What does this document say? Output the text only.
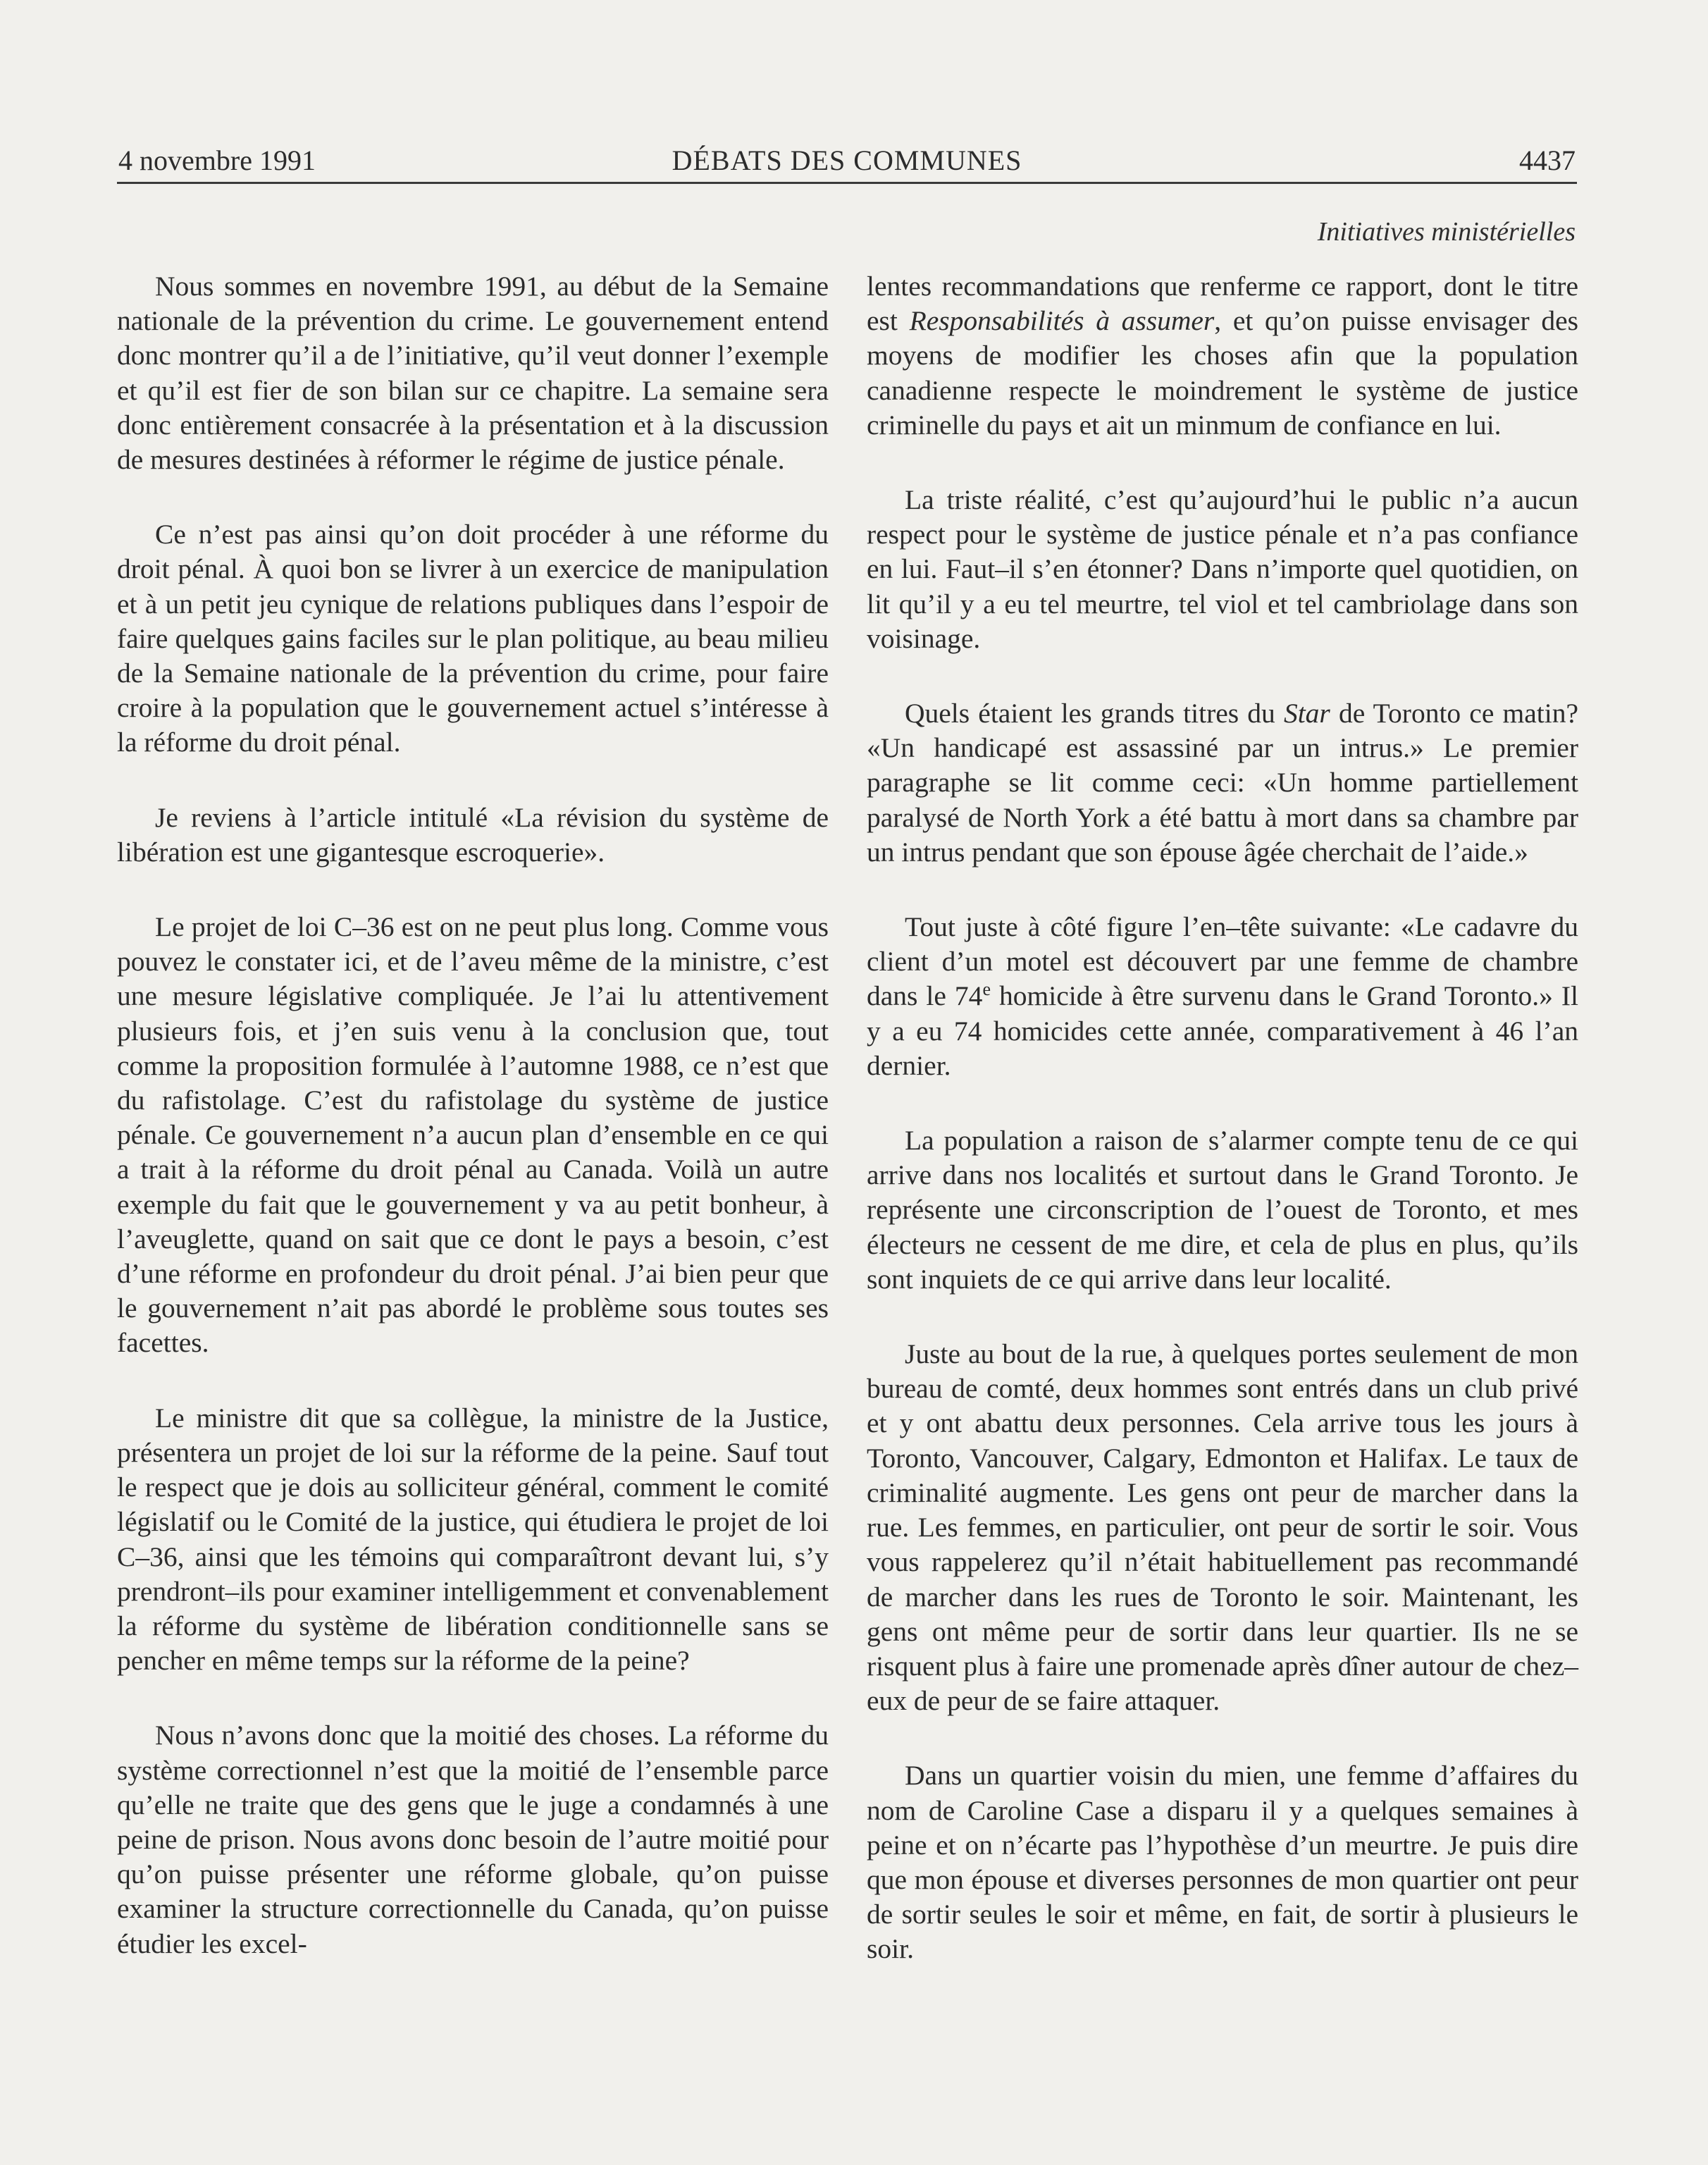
4 novembre 1991	DÉBATS DES COMMUNES	4437
Initiatives ministérielles

Nous sommes en novembre 1991, au début de la Semaine nationale de la prévention du crime. Le gouvernement entend donc montrer qu’il a de l’initiative, qu’il veut donner l’exemple et qu’il est fier de son bilan sur ce chapitre. La semaine sera donc entièrement consacrée à la présentation et à la discussion de mesures destinées à réformer le régime de justice pénale.

Ce n’est pas ainsi qu’on doit procéder à une réforme du droit pénal. À quoi bon se livrer à un exercice de manipulation et à un petit jeu cynique de relations publiques dans l’espoir de faire quelques gains faciles sur le plan politique, au beau milieu de la Semaine nationale de la prévention du crime, pour faire croire à la population que le gouvernement actuel s’intéresse à la réforme du droit pénal.

Je reviens à l’article intitulé «La révision du système de libération est une gigantesque escroquerie».

Le projet de loi C–36 est on ne peut plus long. Comme vous pouvez le constater ici, et de l’aveu même de la ministre, c’est une mesure législative compliquée. Je l’ai lu attentivement plusieurs fois, et j’en suis venu à la conclusion que, tout comme la proposition formulée à l’automne 1988, ce n’est que du rafistolage. C’est du rafistolage du système de justice pénale. Ce gouvernement n’a aucun plan d’ensemble en ce qui a trait à la réforme du droit pénal au Canada. Voilà un autre exemple du fait que le gouvernement y va au petit bonheur, à l’aveuglette, quand on sait que ce dont le pays a besoin, c’est d’une réforme en profondeur du droit pénal. J’ai bien peur que le gouvernement n’ait pas abordé le problème sous toutes ses facettes.

Le ministre dit que sa collègue, la ministre de la Justice, présentera un projet de loi sur la réforme de la peine. Sauf tout le respect que je dois au solliciteur général, comment le comité législatif ou le Comité de la justice, qui étudiera le projet de loi C–36, ainsi que les témoins qui comparaîtront devant lui, s’y prendront–ils pour examiner intelligemment et convenablement la réforme du système de libération conditionnelle sans se pencher en même temps sur la réforme de la peine?

Nous n’avons donc que la moitié des choses. La réforme du système correctionnel n’est que la moitié de l’ensemble parce qu’elle ne traite que des gens que le juge a condamnés à une peine de prison. Nous avons donc besoin de l’autre moitié pour qu’on puisse présenter une réforme globale, qu’on puisse examiner la structure correctionnelle du Canada, qu’on puisse étudier les excel-

lentes recommandations que renferme ce rapport, dont le titre est Responsabilités à assumer, et qu’on puisse envisager des moyens de modifier les choses afin que la population canadienne respecte le moindrement le système de justice criminelle du pays et ait un minmum de confiance en lui.

La triste réalité, c’est qu’aujourd’hui le public n’a aucun respect pour le système de justice pénale et n’a pas confiance en lui. Faut–il s’en étonner? Dans n’importe quel quotidien, on lit qu’il y a eu tel meurtre, tel viol et tel cambriolage dans son voisinage.

Quels étaient les grands titres du Star de Toronto ce matin? «Un handicapé est assassiné par un intrus.» Le premier paragraphe se lit comme ceci: «Un homme partiellement paralysé de North York a été battu à mort dans sa chambre par un intrus pendant que son épouse âgée cherchait de l’aide.»

Tout juste à côté figure l’en–tête suivante: «Le cadavre du client d’un motel est découvert par une femme de chambre dans le 74e homicide à être survenu dans le Grand Toronto.» Il y a eu 74 homicides cette année, comparativement à 46 l’an dernier.

La population a raison de s’alarmer compte tenu de ce qui arrive dans nos localités et surtout dans le Grand Toronto. Je représente une circonscription de l’ouest de Toronto, et mes électeurs ne cessent de me dire, et cela de plus en plus, qu’ils sont inquiets de ce qui arrive dans leur localité.

Juste au bout de la rue, à quelques portes seulement de mon bureau de comté, deux hommes sont entrés dans un club privé et y ont abattu deux personnes. Cela arrive tous les jours à Toronto, Vancouver, Calgary, Edmonton et Halifax. Le taux de criminalité augmente. Les gens ont peur de marcher dans la rue. Les femmes, en particulier, ont peur de sortir le soir. Vous vous rappelerez qu’il n’était habituellement pas recommandé de marcher dans les rues de Toronto le soir. Maintenant, les gens ont même peur de sortir dans leur quartier. Ils ne se risquent plus à faire une promenade après dîner autour de chez–eux de peur de se faire attaquer.

Dans un quartier voisin du mien, une femme d’affaires du nom de Caroline Case a disparu il y a quelques semaines à peine et on n’écarte pas l’hypothèse d’un meurtre. Je puis dire que mon épouse et diverses personnes de mon quartier ont peur de sortir seules le soir et même, en fait, de sortir à plusieurs le soir.
